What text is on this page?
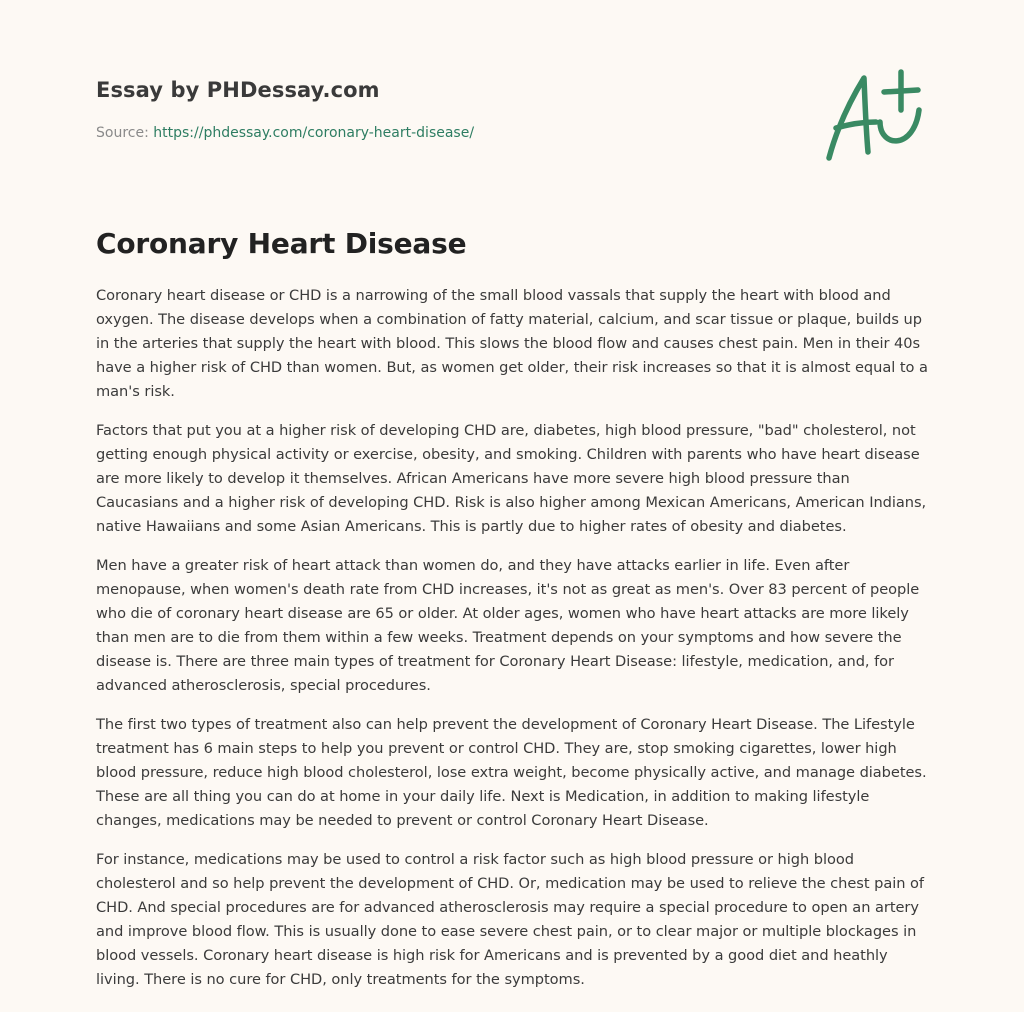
Essay by PHDessay.com
Source: https://phdessay.com/coronary-heart-disease/
Coronary Heart Disease

Coronary heart disease or CHD is a narrowing of the small blood vassals that supply the heart with blood and oxygen. The disease develops when a combination of fatty material, calcium, and scar tissue or plaque, builds up in the arteries that supply the heart with blood. This slows the blood flow and causes chest pain. Men in their 40s have a higher risk of CHD than women. But, as women get older, their risk increases so that it is almost equal to a man's risk.

Factors that put you at a higher risk of developing CHD are, diabetes, high blood pressure, "bad" cholesterol, not getting enough physical activity or exercise, obesity, and smoking. Children with parents who have heart disease are more likely to develop it themselves. African Americans have more severe high blood pressure than Caucasians and a higher risk of developing CHD. Risk is also higher among Mexican Americans, American Indians, native Hawaiians and some Asian Americans. This is partly due to higher rates of obesity and diabetes.

Men have a greater risk of heart attack than women do, and they have attacks earlier in life. Even after menopause, when women's death rate from CHD increases, it's not as great as men's. Over 83 percent of people who die of coronary heart disease are 65 or older. At older ages, women who have heart attacks are more likely than men are to die from them within a few weeks. Treatment depends on your symptoms and how severe the disease is. There are three main types of treatment for Coronary Heart Disease: lifestyle, medication, and, for advanced atherosclerosis, special procedures.

The first two types of treatment also can help prevent the development of Coronary Heart Disease. The Lifestyle treatment has 6 main steps to help you prevent or control CHD. They are, stop smoking cigarettes, lower high blood pressure, reduce high blood cholesterol, lose extra weight, become physically active, and manage diabetes. These are all thing you can do at home in your daily life. Next is Medication, in addition to making lifestyle changes, medications may be needed to prevent or control Coronary Heart Disease.

For instance, medications may be used to control a risk factor such as high blood pressure or high blood cholesterol and so help prevent the development of CHD. Or, medication may be used to relieve the chest pain of CHD. And special procedures are for advanced atherosclerosis may require a special procedure to open an artery and improve blood flow. This is usually done to ease severe chest pain, or to clear major or multiple blockages in blood vessels. Coronary heart disease is high risk for Americans and is prevented by a good diet and heathly living. There is no cure for CHD, only treatments for the symptoms.
